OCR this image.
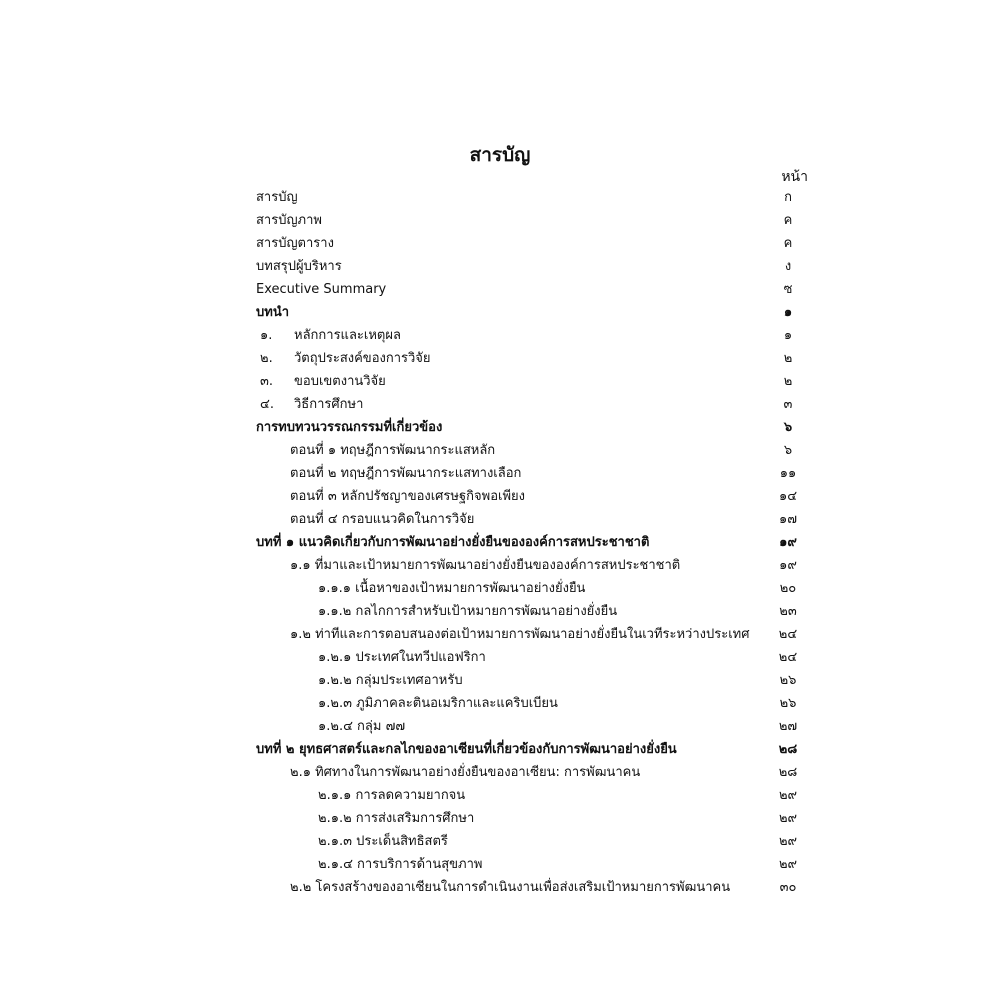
สารบัญ
หน้า
สารบัญ	ก
สารบัญภาพ	ค
สารบัญตาราง	ค
บทสรุปผู้บริหาร	ง
Executive Summary	ซ
บทนำ	๑
๑. หลักการและเหตุผล	๑
๒. วัตถุประสงค์ของการวิจัย	๒
๓. ขอบเขตงานวิจัย	๒
๔. วิธีการศึกษา	๓
การทบทวนวรรณกรรมที่เกี่ยวข้อง	๖
ตอนที่ ๑ ทฤษฎีการพัฒนากระแสหลัก	๖
ตอนที่ ๒ ทฤษฎีการพัฒนากระแสทางเลือก	๑๑
ตอนที่ ๓ หลักปรัชญาของเศรษฐกิจพอเพียง	๑๔
ตอนที่ ๔ กรอบแนวคิดในการวิจัย	๑๗
บทที่ ๑ แนวคิดเกี่ยวกับการพัฒนาอย่างยั่งยืนขององค์การสหประชาชาติ	๑๙
๑.๑ ที่มาและเป้าหมายการพัฒนาอย่างยั่งยืนขององค์การสหประชาชาติ	๑๙
๑.๑.๑ เนื้อหาของเป้าหมายการพัฒนาอย่างยั่งยืน	๒๐
๑.๑.๒ กลไกการสำหรับเป้าหมายการพัฒนาอย่างยั่งยืน	๒๓
๑.๒ ท่าทีและการตอบสนองต่อเป้าหมายการพัฒนาอย่างยั่งยืนในเวทีระหว่างประเทศ	๒๔
๑.๒.๑ ประเทศในทวีปแอฟริกา	๒๔
๑.๒.๒ กลุ่มประเทศอาหรับ	๒๖
๑.๒.๓ ภูมิภาคละตินอเมริกาและแคริบเบียน	๒๖
๑.๒.๔ กลุ่ม ๗๗	๒๗
บทที่ ๒ ยุทธศาสตร์และกลไกของอาเซียนที่เกี่ยวข้องกับการพัฒนาอย่างยั่งยืน	๒๘
๒.๑ ทิศทางในการพัฒนาอย่างยั่งยืนของอาเซียน: การพัฒนาคน	๒๘
๒.๑.๑ การลดความยากจน	๒๙
๒.๑.๒ การส่งเสริมการศึกษา	๒๙
๒.๑.๓ ประเด็นสิทธิสตรี	๒๙
๒.๑.๔ การบริการด้านสุขภาพ	๒๙
๒.๒ โครงสร้างของอาเซียนในการดำเนินงานเพื่อส่งเสริมเป้าหมายการพัฒนาคน	๓๐
